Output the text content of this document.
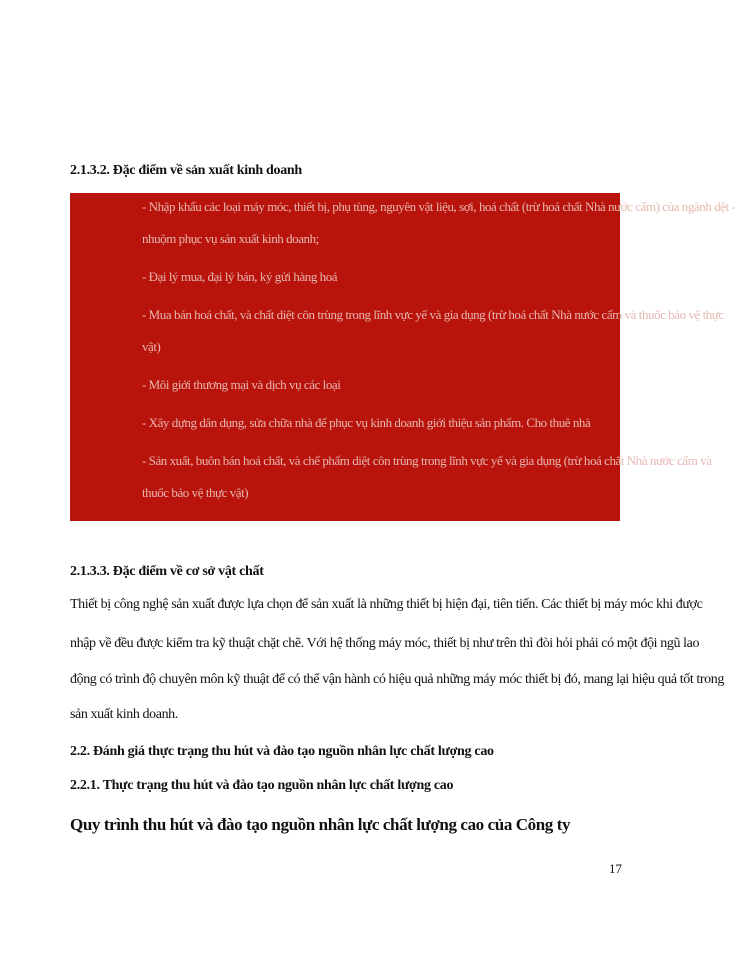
2.1.3.2. Đặc điểm về sản xuất kinh doanh
- Nhập khẩu các loại máy móc, thiết bị, phụ tùng, nguyên vật liệu, sợi, hoá chất (trừ hoá chất Nhà nước cấm) của ngành dệt -
nhuộm phục vụ sản xuất kinh doanh;
- Đại lý mua, đại lý bán, ký gửi hàng hoá
- Mua bán hoá chất, và chất diệt côn trùng trong lĩnh vực yế và gia dụng (trừ hoá chất Nhà nước cấm và thuốc bảo vệ thực
vật)
- Môi giới thương mại và dịch vụ các loại
- Xây dựng dân dụng, sửa chữa nhà để phục vụ kinh doanh giới thiệu sản phẩm. Cho thuê nhà
- Sản xuất, buôn bán hoá chất, và chế phẩm diệt côn trùng trong lĩnh vực yế và gia dụng (trừ hoá chất Nhà nước cấm và
thuốc bảo vệ thực vật)
2.1.3.3. Đặc điểm về cơ sở vật chất
Thiết bị công nghệ sản xuất được lựa chọn để sản xuất là những thiết bị hiện đại, tiên tiến. Các thiết bị máy móc khi được
nhập về đều được kiểm tra kỹ thuật chặt chẽ. Với hệ thống máy móc, thiết bị như trên thì đòi hỏi phải có một đội ngũ lao
động có trình độ chuyên môn kỹ thuật để có thể vận hành có hiệu quả những máy móc thiết bị đó, mang lại hiệu quả tốt trong
sản xuất kinh doanh.
2.2. Đánh giá thực trạng thu hút và đào tạo nguồn nhân lực chất lượng cao
2.2.1. Thực trạng thu hút và đào tạo nguồn nhân lực chất lượng cao
Quy trình thu hút và đào tạo nguồn nhân lực chất lượng cao của Công ty
17
